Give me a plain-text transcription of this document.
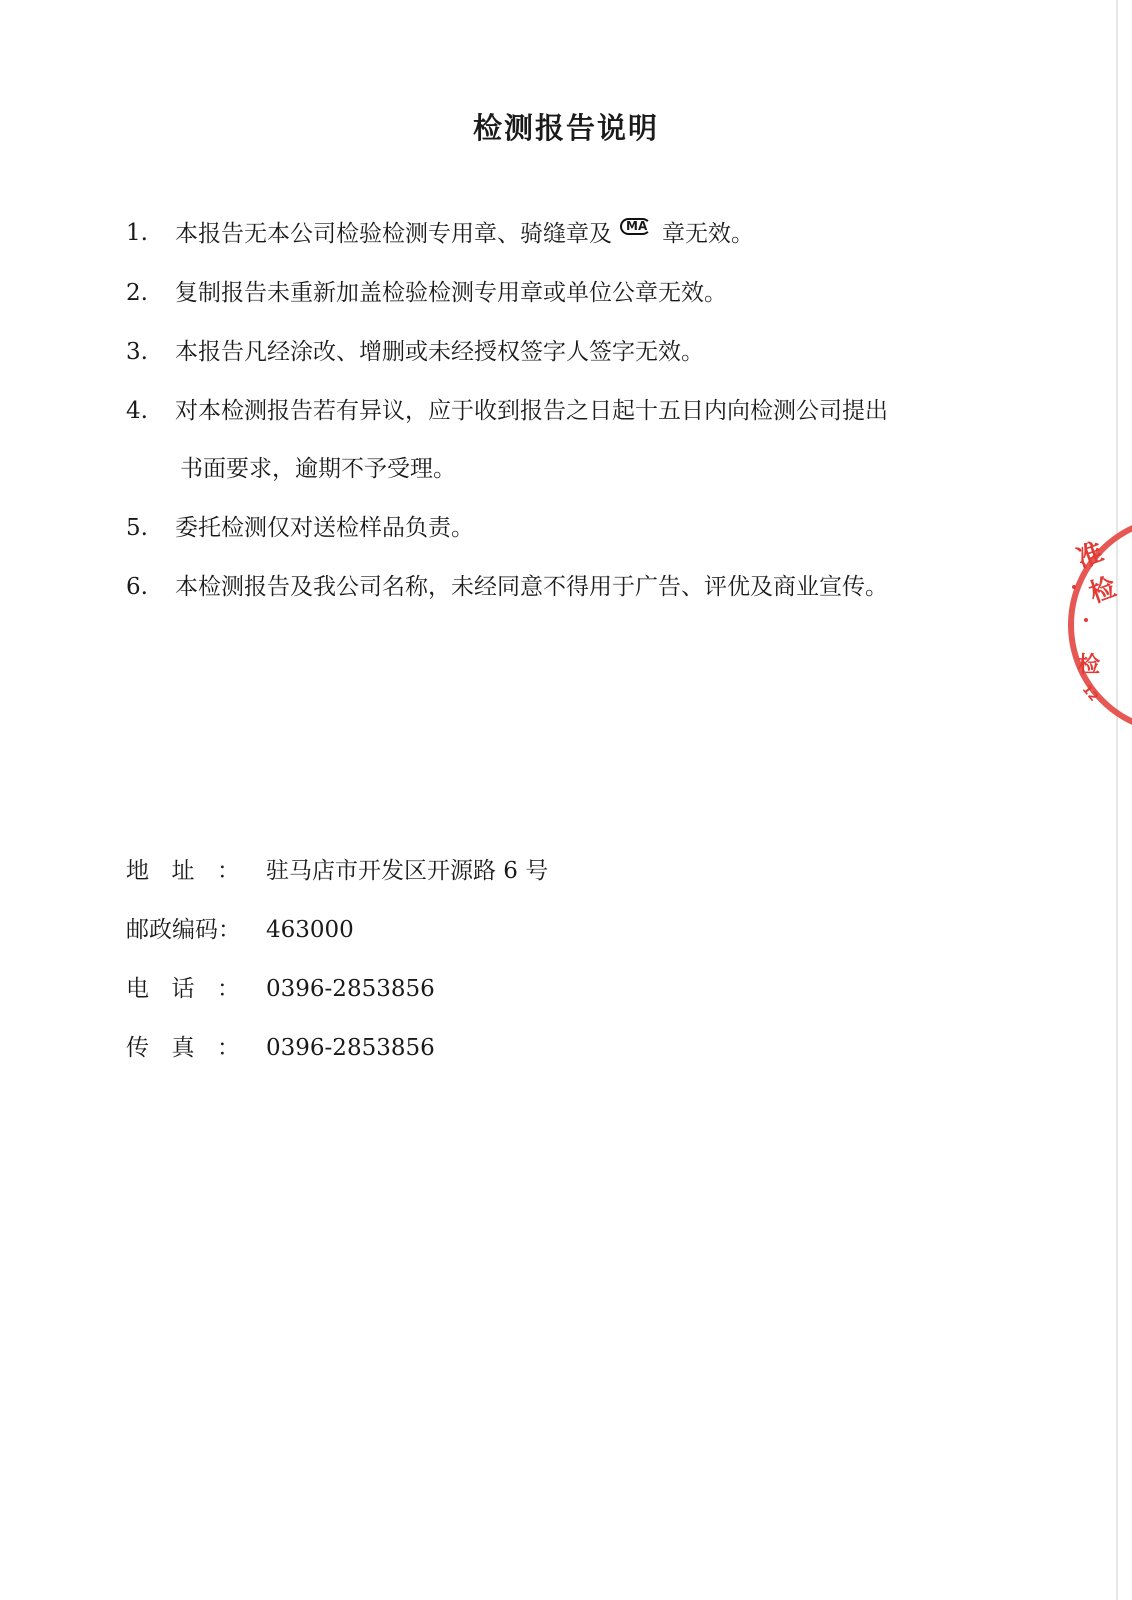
检测报告说明
1. 本报告无本公司检验检测专用章、骑缝章及 MA 章无效。
2. 复制报告未重新加盖检验检测专用章或单位公章无效。
3. 本报告凡经涂改、增删或未经授权签字人签字无效。
4. 对本检测报告若有异议，应于收到报告之日起十五日内向检测公司提出
书面要求，逾期不予受理。
5. 委托检测仅对送检样品负责。
6. 本检测报告及我公司名称，未经同意不得用于广告、评优及商业宣传。
地址： 驻马店市开发区开源路 6 号
邮政编码： 463000
电话： 0396-2853856
传真： 0396-2853856
准检
检
12
